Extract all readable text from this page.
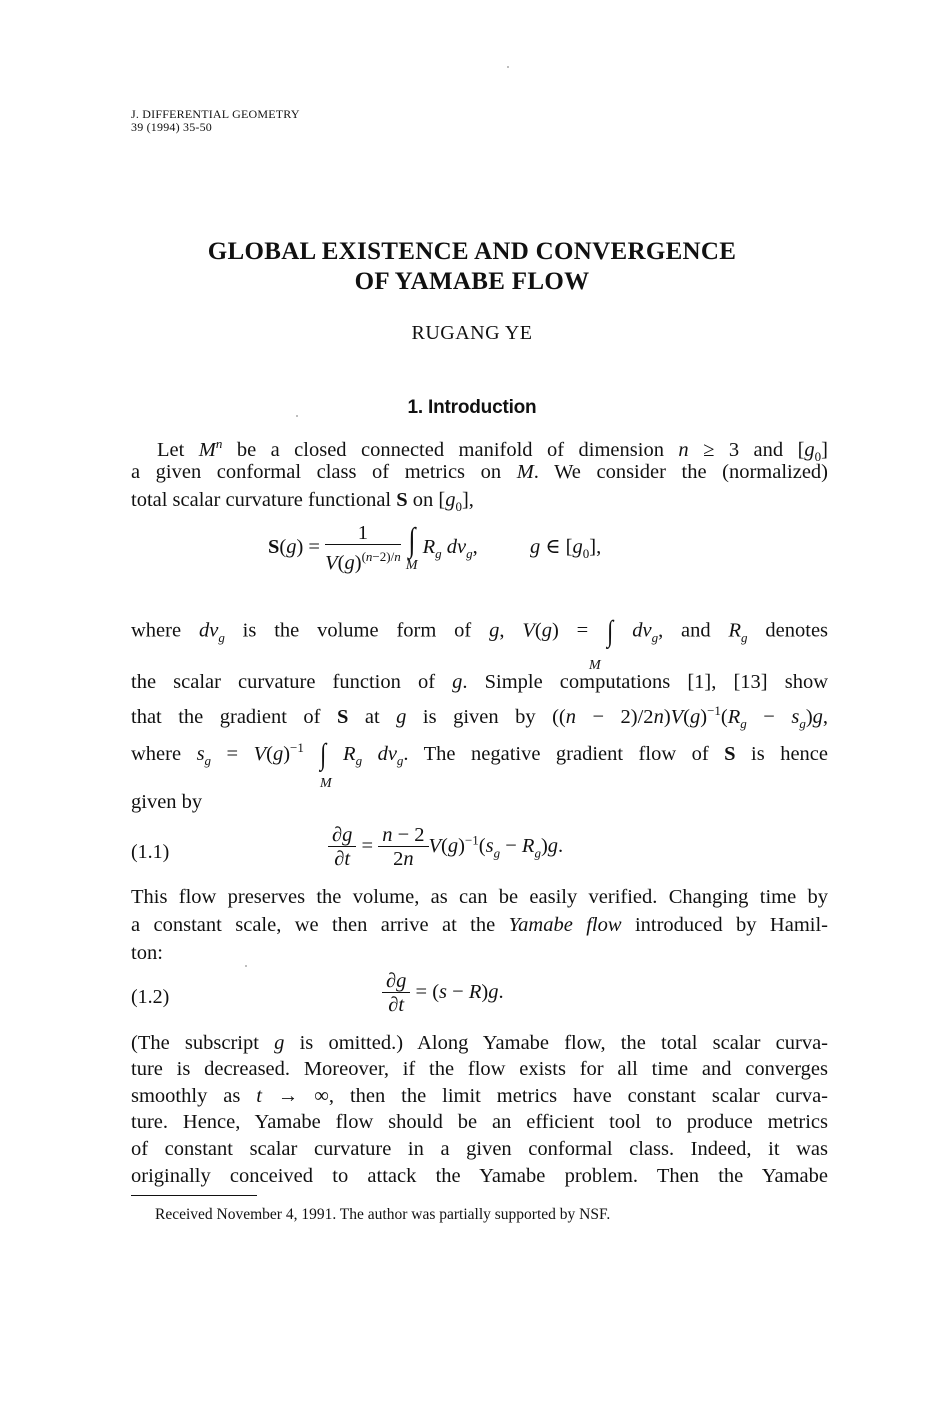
J. DIFFERENTIAL GEOMETRY
39 (1994) 35-50
GLOBAL EXISTENCE AND CONVERGENCE
OF YAMABE FLOW
RUGANG YE
1. Introduction
Let $M^n$ be a closed connected manifold of dimension n ≥ 3 and $[g_0]$
a given conformal class of metrics on M. We consider the (normalized)
total scalar curvature functional S on $[g_0]$,
$S(g) = \frac{1}{V(g)^{(n-2)/n}}$
∫
M
$R_g$ $dv_g$,  g ∈ $[g_0]$,
where $dv_g$ is the volume form of g, V(g) = ∫ $dv_g$, and $R_g$ denotes
M
the scalar curvature function of g. Simple computations [1], [13] show
that the gradient of S at g is given by $((n - 2)/2n)V(g)^{-1}(R_g - s_g)g$,
where $s_g = V(g)^{-1}$ ∫ $R_g$ $dv_g$. The negative gradient flow of S is hence
M
given by
(1.1)	$\frac{\partial g}{\partial t} = \frac{n - 2}{2n} V(g)^{-1}(s_g - R_g)g$.
This flow preserves the volume, as can be easily verified. Changing time by
a constant scale, we then arrive at the Yamabe flow introduced by Hamil-
ton:
(1.2)	$\frac{\partial g}{\partial t} = (s - R)g$.
(The subscript g is omitted.) Along Yamabe flow, the total scalar curva-
ture is decreased. Moreover, if the flow exists for all time and converges
smoothly as t → ∞, then the limit metrics have constant scalar curva-
ture. Hence, Yamabe flow should be an efficient tool to produce metrics
of constant scalar curvature in a given conformal class. Indeed, it was
originally conceived to attack the Yamabe problem. Then the Yamabe
Received November 4, 1991. The author was partially supported by NSF.
